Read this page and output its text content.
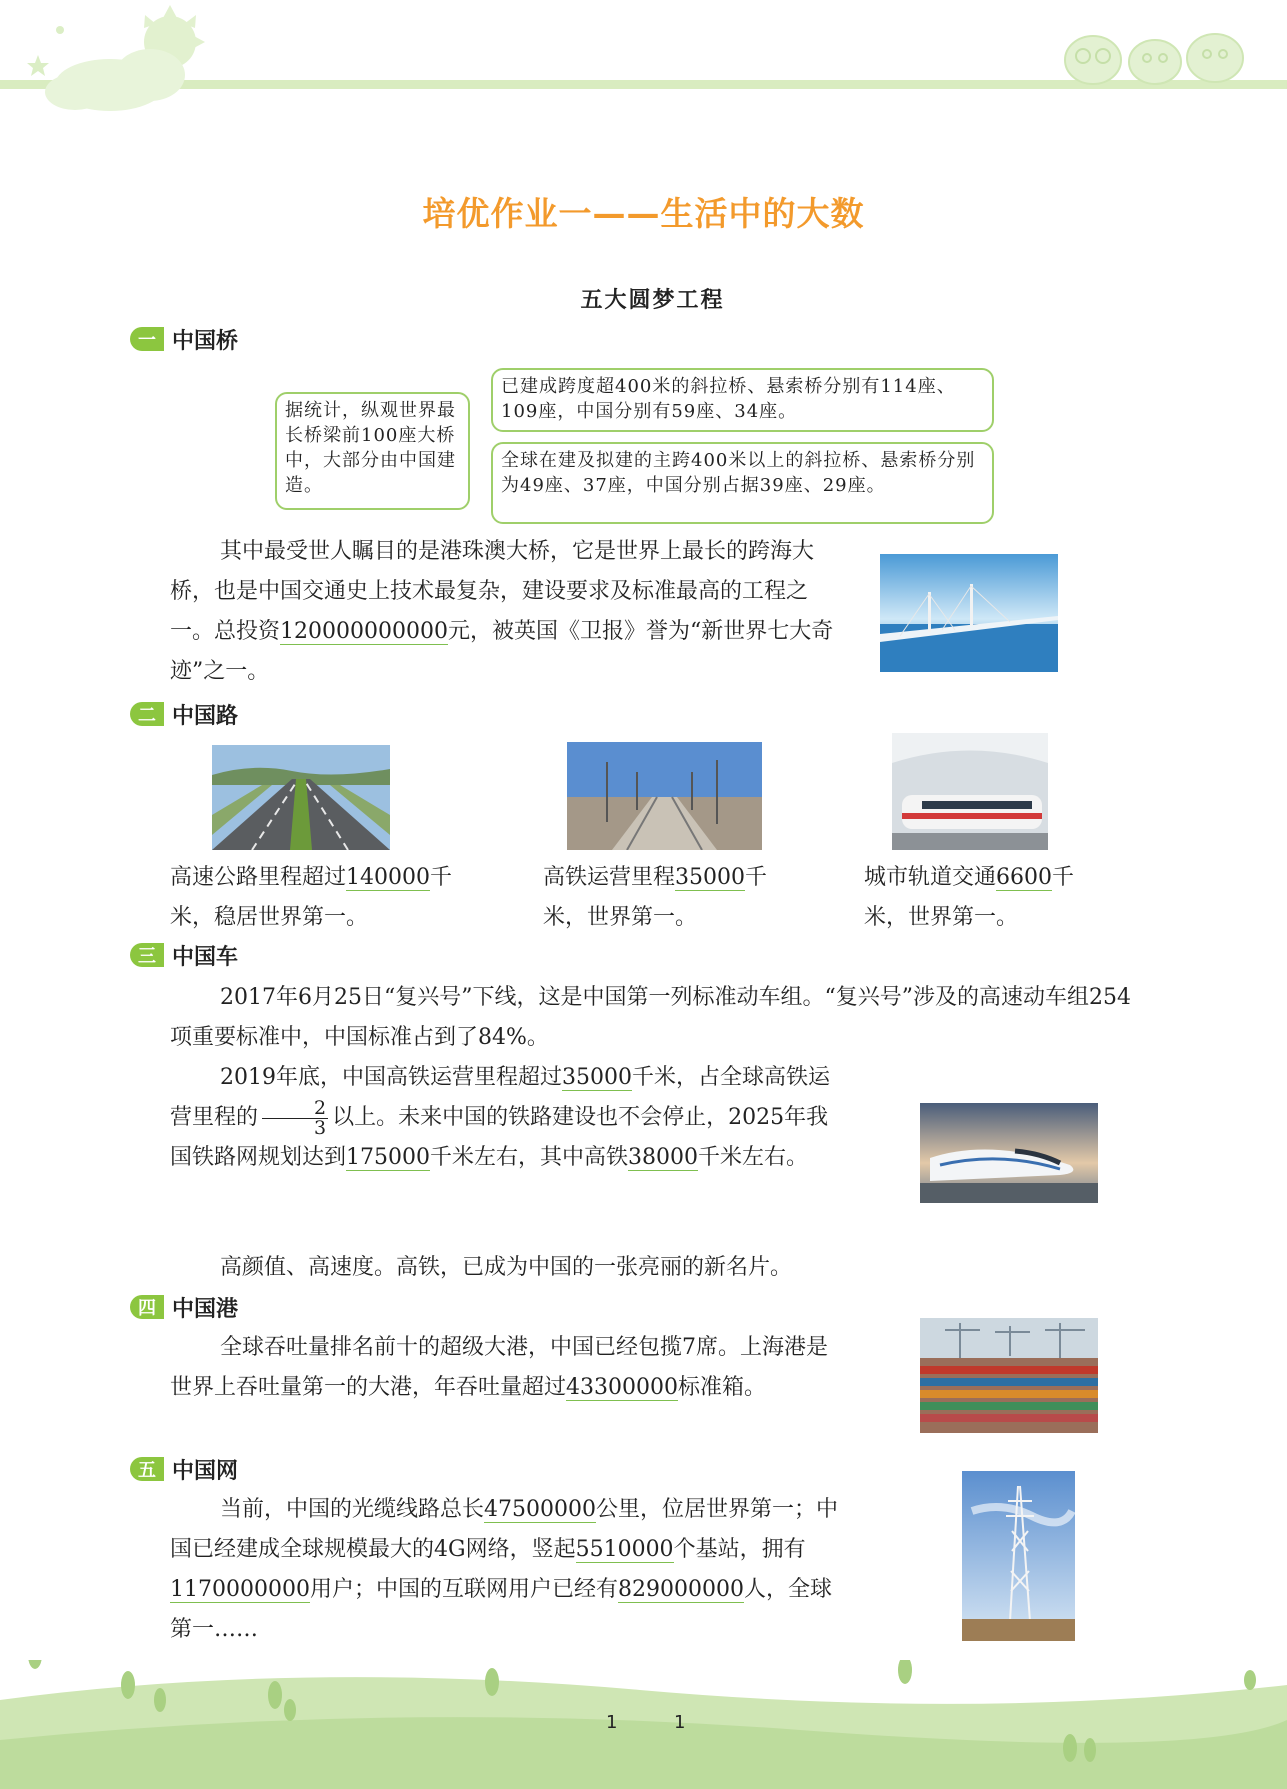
培优作业一——生活中的大数
五大圆梦工程
一 中国桥
据统计，纵观世界最长桥梁前100座大桥中，大部分由中国建造。
已建成跨度超400米的斜拉桥、悬索桥分别有114座、109座，中国分别有59座、34座。
全球在建及拟建的主跨400米以上的斜拉桥、悬索桥分别为49座、37座，中国分别占据39座、29座。
其中最受世人瞩目的是港珠澳大桥，它是世界上最长的跨海大桥，也是中国交通史上技术最复杂，建设要求及标准最高的工程之一。总投资120000000000元，被英国《卫报》誉为“新世界七大奇迹”之一。
二 中国路
高速公路里程超过140000千米，稳居世界第一。
高铁运营里程35000千米，世界第一。
城市轨道交通6600千米，世界第一。
三 中国车
2017年6月25日“复兴号”下线，这是中国第一列标准动车组。“复兴号”涉及的高速动车组254项重要标准中，中国标准占到了84%。
2019年底，中国高铁运营里程超过35000千米，占全球高铁运营里程的 $\frac{2}{3}$ 以上。未来中国的铁路建设也不会停止，2025年我国铁路网规划达到175000千米左右，其中高铁38000千米左右。
高颜值、高速度。高铁，已成为中国的一张亮丽的新名片。
四 中国港
全球吞吐量排名前十的超级大港，中国已经包揽7席。上海港是世界上吞吐量第一的大港，年吞吐量超过43300000标准箱。
五 中国网
当前，中国的光缆线路总长47500000公里，位居世界第一；中国已经建成全球规模最大的4G网络，竖起5510000个基站，拥有1170000000用户；中国的互联网用户已经有829000000人，全球第一……
1	1
